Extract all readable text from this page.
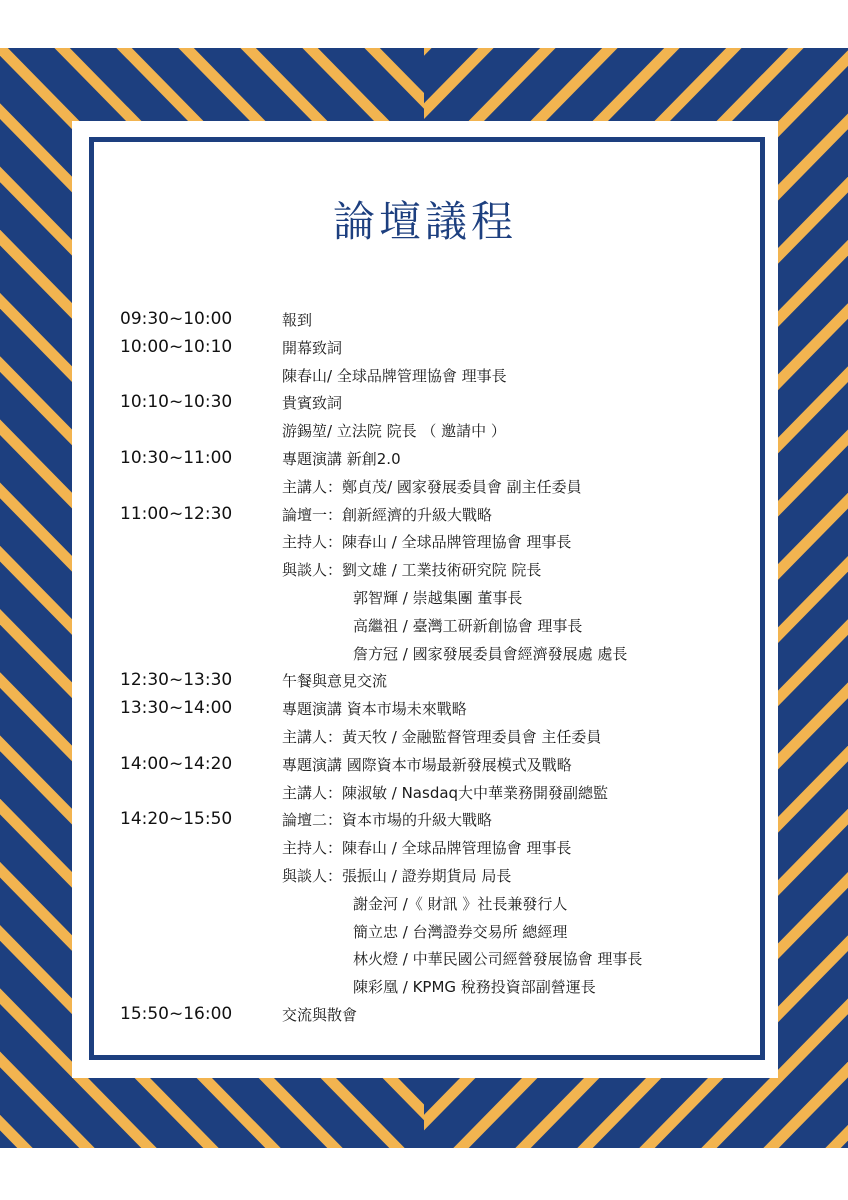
論壇議程
09:30~10:00	報到
10:00~10:10	開幕致詞
陳春山/ 全球品牌管理協會 理事長
10:10~10:30	貴賓致詞
游錫堃/ 立法院 院長 （ 邀請中 ）
10:30~11:00	專題演講 新創2.0
主講人：鄭貞茂/ 國家發展委員會 副主任委員
11:00~12:30	論壇一：創新經濟的升級大戰略
主持人：陳春山 / 全球品牌管理協會 理事長
與談人：劉文雄 / 工業技術研究院 院長
郭智輝 / 崇越集團 董事長
高繼祖 / 臺灣工研新創協會 理事長
詹方冠 / 國家發展委員會經濟發展處 處長
12:30~13:30	午餐與意見交流
13:30~14:00	專題演講 資本市場未來戰略
主講人：黃天牧 / 金融監督管理委員會 主任委員
14:00~14:20	專題演講 國際資本市場最新發展模式及戰略
主講人：陳淑敏 / Nasdaq大中華業務開發副總監
14:20~15:50	論壇二：資本市場的升級大戰略
主持人：陳春山 / 全球品牌管理協會 理事長
與談人：張振山 / 證券期貨局 局長
謝金河 /《 財訊 》社長兼發行人
簡立忠 / 台灣證券交易所 總經理
林火燈 / 中華民國公司經營發展協會 理事長
陳彩凰 / KPMG 稅務投資部副營運長
15:50~16:00	交流與散會
